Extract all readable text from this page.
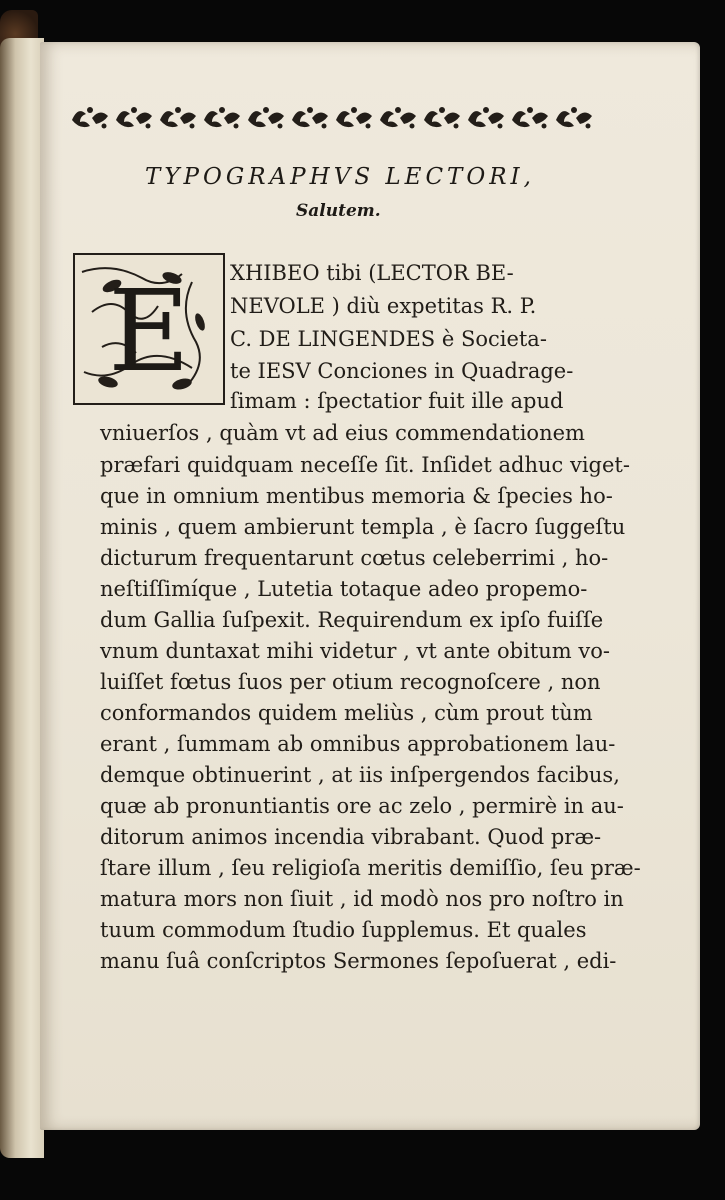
TYPOGRAPHVS LECTORI,
Salutem.
E XHIBEO tibi (LECTOR BE-
NEVOLE ) diù expetitas R. P.
C. DE LINGENDES è Societa-
te IESV Conciones in Quadrage-
ſimam : ſpectatior fuit ille apud
vniuerſos , quàm vt ad eius commendationem
præfari quidquam neceſſe ſit. Inſidet adhuc viget-
que in omnium mentibus memoria & ſpecies ho-
minis , quem ambierunt templa , è ſacro ſuggeſtu
dicturum frequentarunt cœtus celeberrimi , ho-
neſtiſſimíque , Lutetia totaque adeo propemo-
dum Gallia ſuſpexit. Requirendum ex ipſo fuiſſe
vnum duntaxat mihi videtur , vt ante obitum vo-
luiſſet fœtus ſuos per otium recognoſcere , non
conformandos quidem meliùs , cùm prout tùm
erant , ſummam ab omnibus approbationem lau-
demque obtinuerint , at iis inſpergendos facibus,
quæ ab pronuntiantis ore ac zelo , permirè in au-
ditorum animos incendia vibrabant. Quod præ-
ſtare illum , ſeu religioſa meritis demiſſio, ſeu præ-
matura mors non ſiuit , id modò nos pro noſtro in
tuum commodum ſtudio ſupplemus. Et quales
manu ſuâ conſcriptos Sermones ſepoſuerat , edi-
